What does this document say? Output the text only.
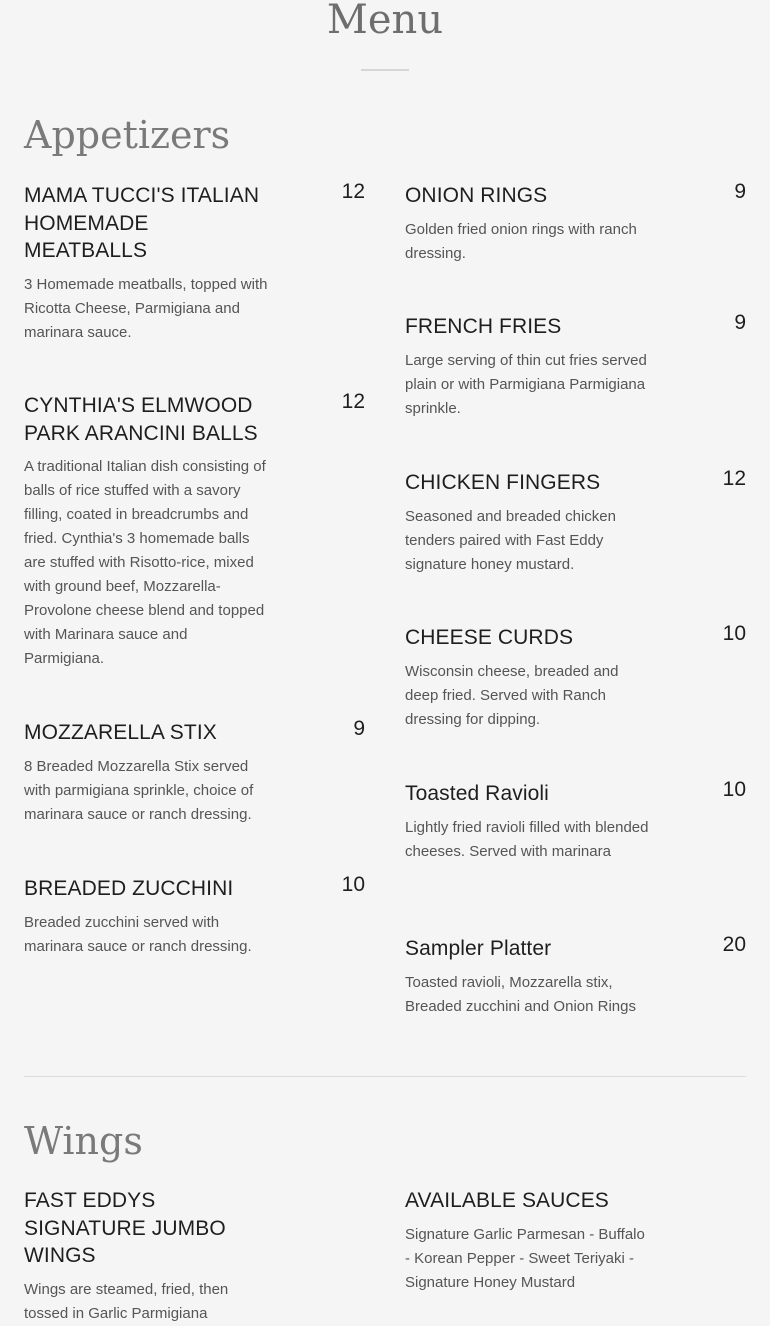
Menu
Appetizers
MAMA TUCCI'S ITALIAN HOMEMADE MEATBALLS
12
3 Homemade meatballs, topped with Ricotta Cheese, Parmigiana and marinara sauce.
CYNTHIA'S ELMWOOD PARK ARANCINI BALLS
12
A traditional Italian dish consisting of balls of rice stuffed with a savory filling, coated in breadcrumbs and fried. Cynthia's 3 homemade balls are stuffed with Risotto-rice, mixed with ground beef, Mozzarella-Provolone cheese blend and topped with Marinara sauce and Parmigiana.
MOZZARELLA STIX	9
8 Breaded Mozzarella Stix served with parmigiana sprinkle, choice of marinara sauce or ranch dressing.
BREADED ZUCCHINI	10
Breaded zucchini served with marinara sauce or ranch dressing.
ONION RINGS	9
Golden fried onion rings with ranch dressing.
FRENCH FRIES	9
Large serving of thin cut fries served plain or with Parmigiana Parmigiana sprinkle.
CHICKEN FINGERS	12
Seasoned and breaded chicken tenders paired with Fast Eddy signature honey mustard.
CHEESE CURDS	10
Wisconsin cheese, breaded and deep fried. Served with Ranch dressing for dipping.
Toasted Ravioli	10
Lightly fried ravioli filled with blended cheeses. Served with marinara
Sampler Platter	20
Toasted ravioli, Mozzarella stix, Breaded zucchini and Onion Rings
Wings
FAST EDDYS SIGNATURE JUMBO WINGS
Wings are steamed, fried, then tossed in Garlic Parmigiana
AVAILABLE SAUCES
Signature Garlic Parmesan - Buffalo - Korean Pepper - Sweet Teriyaki - Signature Honey Mustard
